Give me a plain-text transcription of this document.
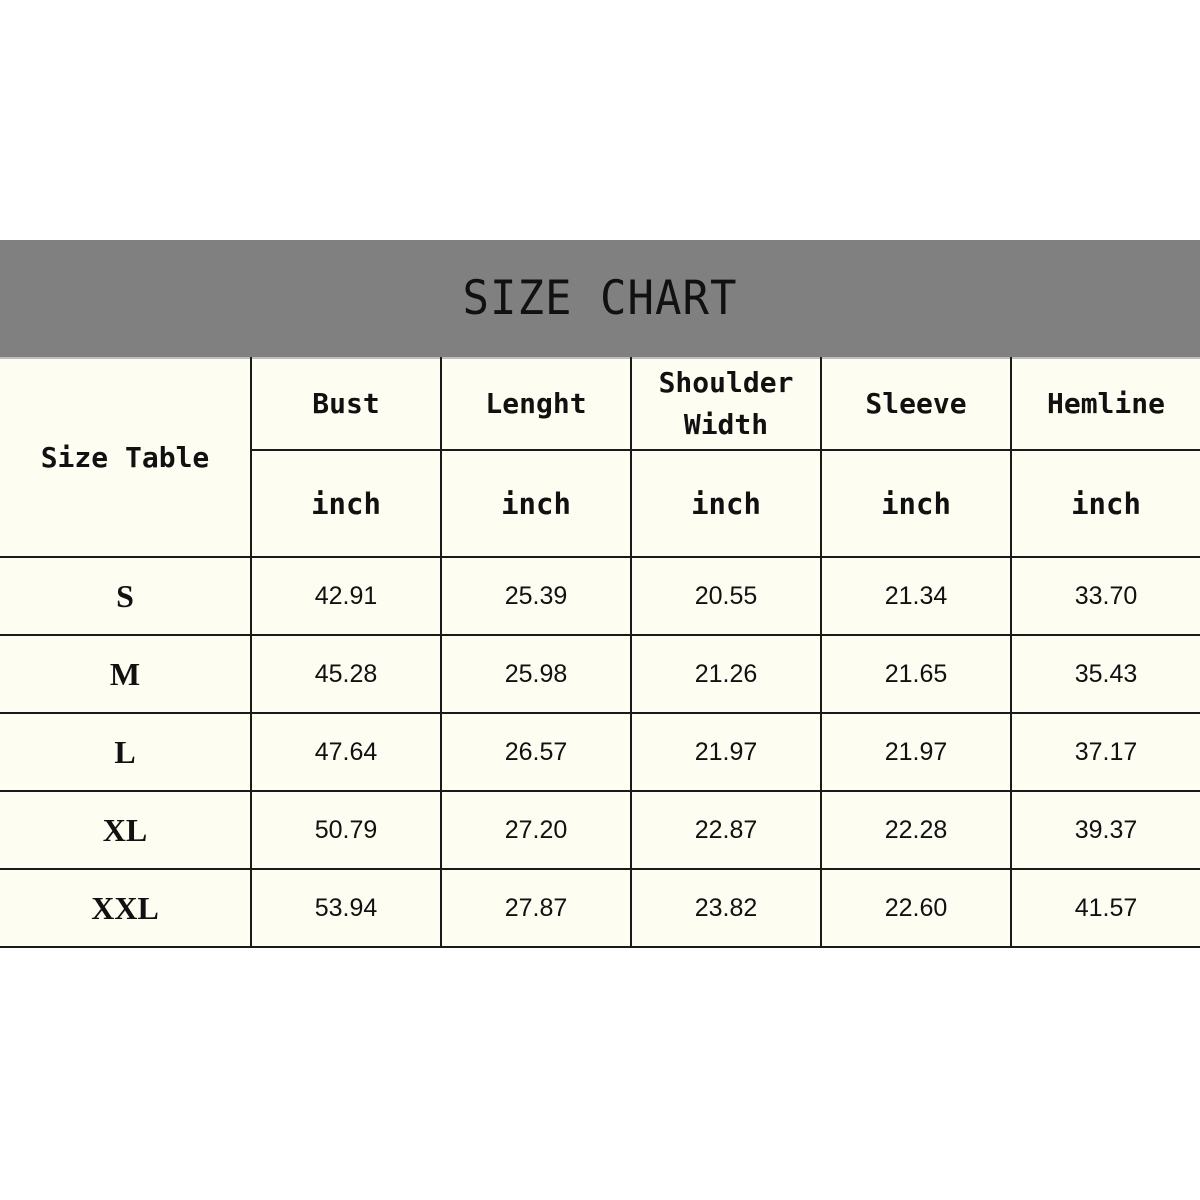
SIZE CHART
Size Table	Bust	Lenght	Shoulder Width	Sleeve	Hemline
	inch	inch	inch	inch	inch
S	42.91	25.39	20.55	21.34	33.70
M	45.28	25.98	21.26	21.65	35.43
L	47.64	26.57	21.97	21.97	37.17
XL	50.79	27.20	22.87	22.28	39.37
XXL	53.94	27.87	23.82	22.60	41.57
